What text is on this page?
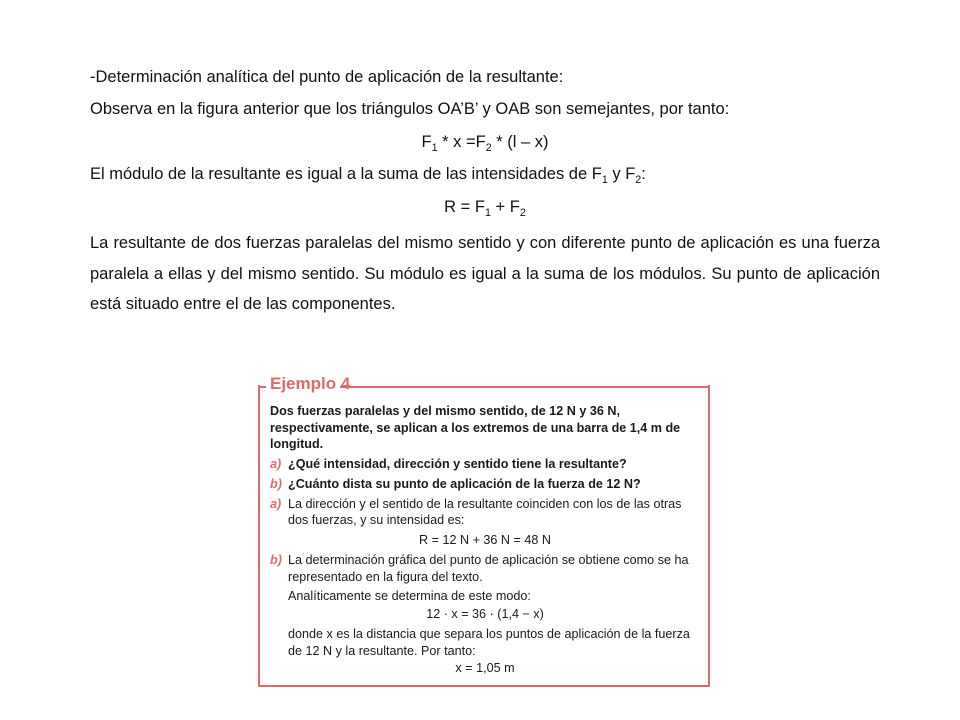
-Determinación analítica del punto de aplicación de la resultante:

Observa en la figura anterior que los triángulos OA’B’ y OAB son semejantes, por tanto:

$F_1 * x =F_2 * (l - x)$

El módulo de la resultante es igual a la suma de las intensidades de $F_1$ y $F_2$:

$R = F_1 + F_2$

La resultante de dos fuerzas paralelas del mismo sentido y con diferente punto de aplicación es una fuerza paralela a ellas y del mismo sentido. Su módulo es igual a la suma de los módulos. Su punto de aplicación está situado entre el de las componentes.

Ejemplo 4
Dos fuerzas paralelas y del mismo sentido, de 12 N y 36 N, respectivamente, se aplican a los extremos de una barra de 1,4 m de longitud.
a) ¿Qué intensidad, dirección y sentido tiene la resultante?
b) ¿Cuánto dista su punto de aplicación de la fuerza de 12 N?
a) La dirección y el sentido de la resultante coinciden con los de las otras dos fuerzas, y su intensidad es:
R = 12 N + 36 N = 48 N
b) La determinación gráfica del punto de aplicación se obtiene como se ha representado en la figura del texto.
Analíticamente se determina de este modo:
12 · x = 36 · (1,4 − x)
donde x es la distancia que separa los puntos de aplicación de la fuerza de 12 N y la resultante. Por tanto:
x = 1,05 m
